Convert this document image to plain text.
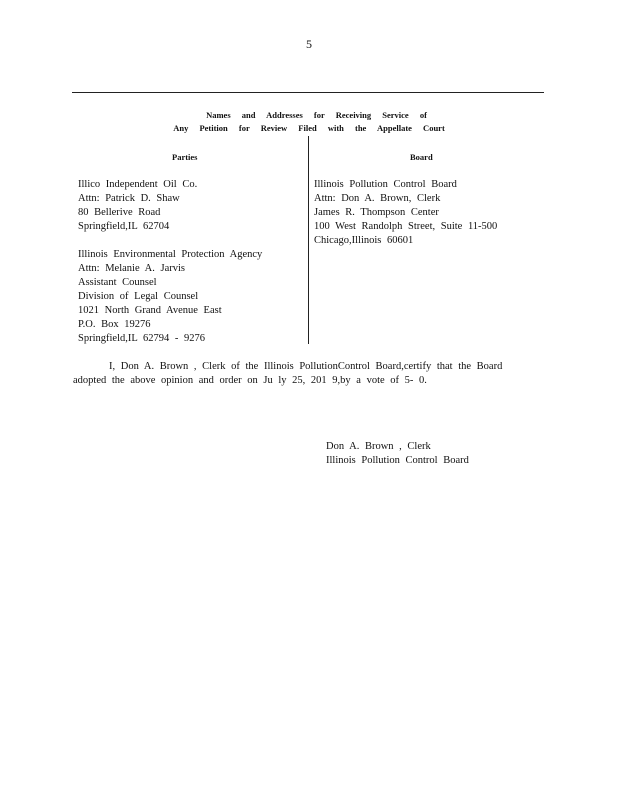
5
Names and Addresses for Receiving Service of
Any Petition for Review Filed with the Appellate Court
Parties	Board
Illico Independent Oil Co.
Attn: Patrick D. Shaw
80 Bellerive Road
Springfield,IL 62704
Illinois Environmental Protection Agency
Attn: Melanie A. Jarvis
Assistant Counsel
Division of Legal Counsel
1021 North Grand Avenue East
P.O. Box 19276
Springfield,IL 62794 - 9276
Illinois Pollution Control Board
Attn: Don A. Brown, Clerk
James R. Thompson Center
100 West Randolph Street, Suite 11-500
Chicago,Illinois 60601
I, Don A. Brown , Clerk of the Illinois PollutionControl Board,certify that the Board adopted the above opinion and order on Ju ly 25, 201 9,by a vote of 5- 0.
Don A. Brown , Clerk
Illinois Pollution Control Board
